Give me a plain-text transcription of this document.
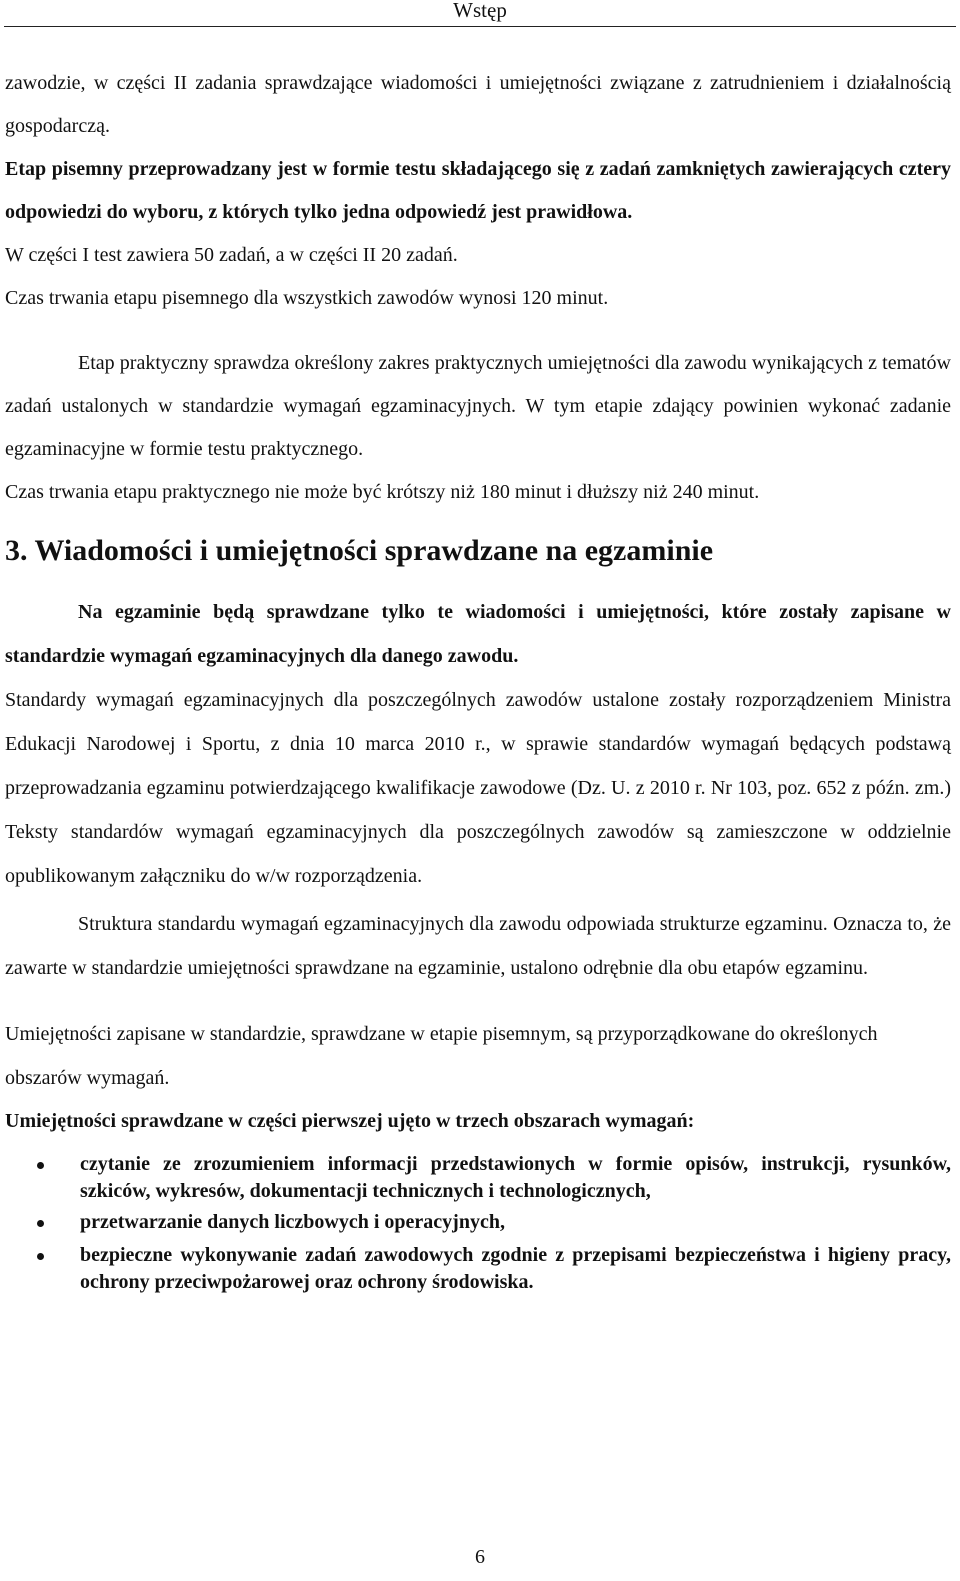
Wstęp

zawodzie, w części II zadania sprawdzające wiadomości i umiejętności związane z zatrudnieniem i działalnością gospodarczą.

Etap pisemny przeprowadzany jest w formie testu składającego się z zadań zamkniętych zawierających cztery odpowiedzi do wyboru, z których tylko jedna odpowiedź jest prawidłowa.

W części I test zawiera 50 zadań, a w części II 20 zadań.

Czas trwania etapu pisemnego dla wszystkich zawodów wynosi 120 minut.

Etap praktyczny sprawdza określony zakres praktycznych umiejętności dla zawodu wynikających z tematów zadań ustalonych w standardzie wymagań egzaminacyjnych. W tym etapie zdający powinien wykonać zadanie egzaminacyjne w formie testu praktycznego.

Czas trwania etapu praktycznego nie może być krótszy niż 180 minut i dłuższy niż 240 minut.

3. Wiadomości i umiejętności sprawdzane na egzaminie

Na egzaminie będą sprawdzane tylko te wiadomości i umiejętności, które zostały zapisane w standardzie wymagań egzaminacyjnych dla danego zawodu.

Standardy wymagań egzaminacyjnych dla poszczególnych zawodów ustalone zostały rozporządzeniem Ministra Edukacji Narodowej i Sportu, z dnia 10 marca 2010 r., w sprawie standardów wymagań będących podstawą przeprowadzania egzaminu potwierdzającego kwalifikacje zawodowe (Dz. U. z 2010 r. Nr 103, poz. 652 z późn. zm.) Teksty standardów wymagań egzaminacyjnych dla poszczególnych zawodów są zamieszczone w oddzielnie opublikowanym załączniku do w/w rozporządzenia.

Struktura standardu wymagań egzaminacyjnych dla zawodu odpowiada strukturze egzaminu. Oznacza to, że zawarte w standardzie umiejętności sprawdzane na egzaminie, ustalono odrębnie dla obu etapów egzaminu.

Umiejętności zapisane w standardzie, sprawdzane w etapie pisemnym, są przyporządkowane do określonych obszarów wymagań.

Umiejętności sprawdzane w części pierwszej ujęto w trzech obszarach wymagań:

czytanie ze zrozumieniem informacji przedstawionych w formie opisów, instrukcji, rysunków, szkiców, wykresów, dokumentacji technicznych i technologicznych,
przetwarzanie danych liczbowych i operacyjnych,
bezpieczne wykonywanie zadań zawodowych zgodnie z przepisami bezpieczeństwa i higieny pracy, ochrony przeciwpożarowej oraz ochrony środowiska.
6
